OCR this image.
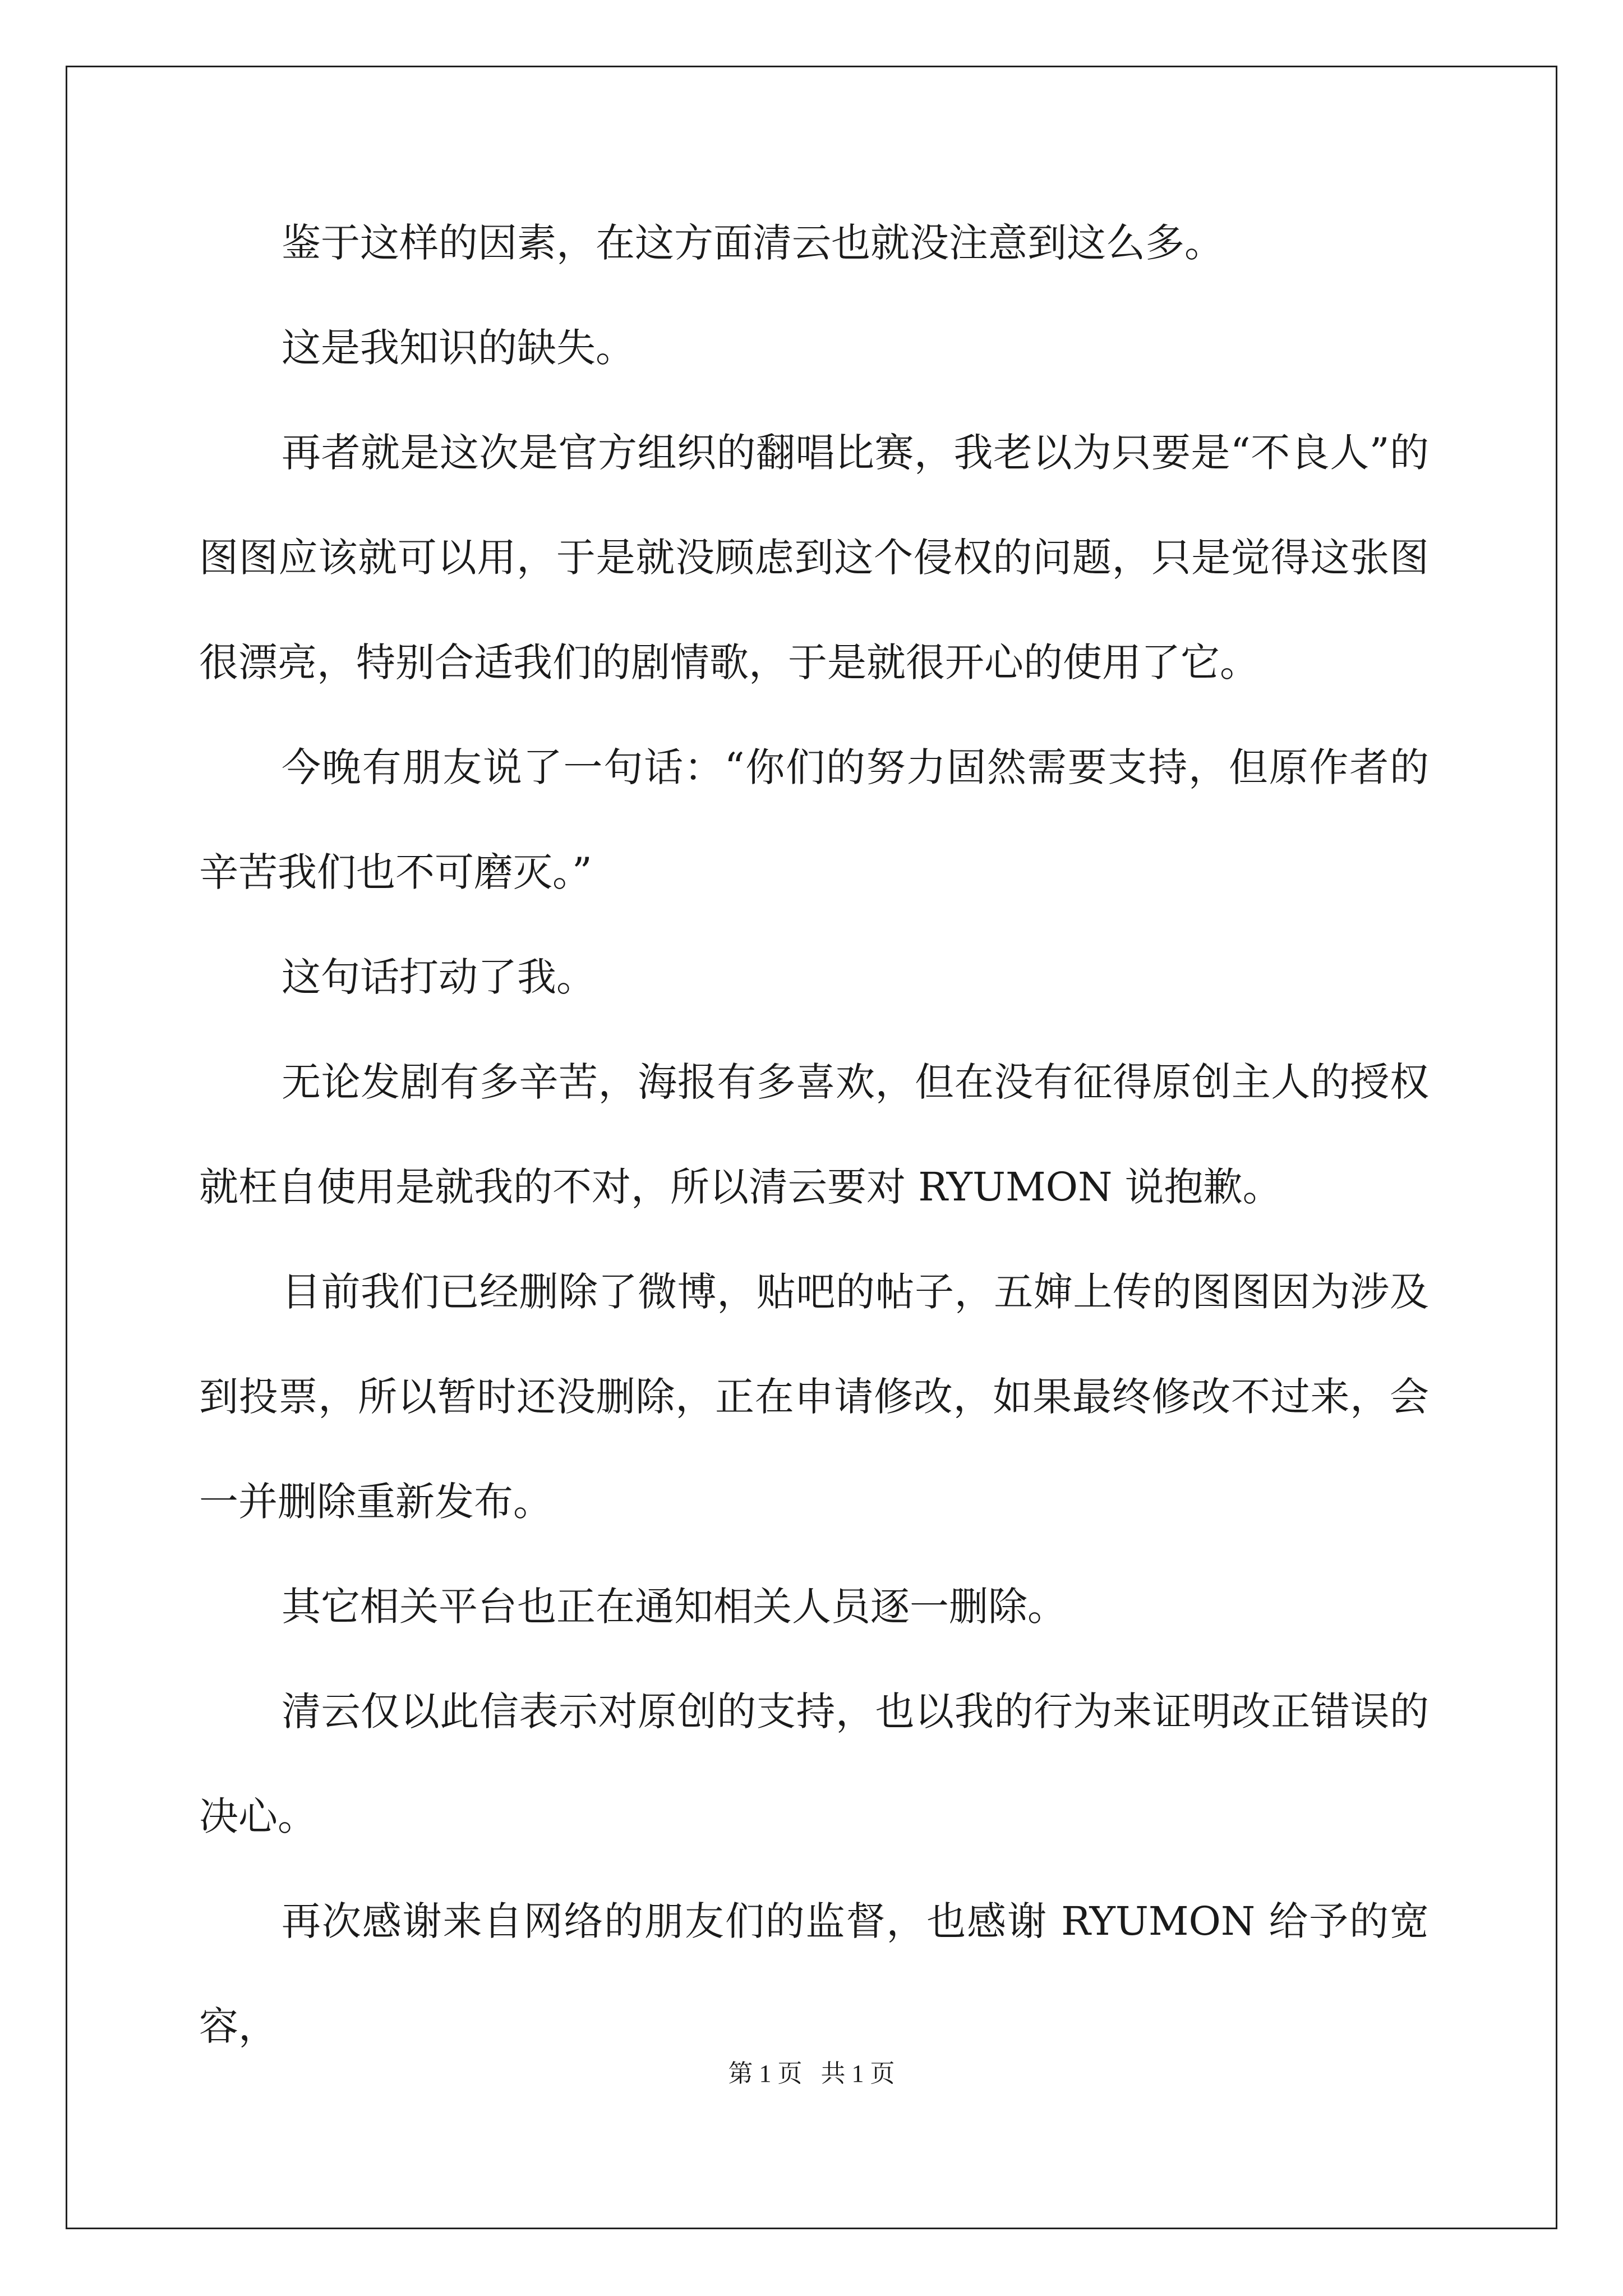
鉴于这样的因素，在这方面清云也就没注意到这么多。

这是我知识的缺失。

再者就是这次是官方组织的翻唱比赛，我老以为只要是“不良人”的图图应该就可以用，于是就没顾虑到这个侵权的问题，只是觉得这张图很漂亮，特别合适我们的剧情歌，于是就很开心的使用了它。

今晚有朋友说了一句话：“你们的努力固然需要支持，但原作者的辛苦我们也不可磨灭。”

这句话打动了我。

无论发剧有多辛苦，海报有多喜欢，但在没有征得原创主人的授权就枉自使用是就我的不对，所以清云要对 RYUMON 说抱歉。

目前我们已经删除了微博，贴吧的帖子，五婶上传的图图因为涉及到投票，所以暂时还没删除，正在申请修改，如果最终修改不过来，会一并删除重新发布。

其它相关平台也正在通知相关人员逐一删除。

清云仅以此信表示对原创的支持，也以我的行为来证明改正错误的决心。

再次感谢来自网络的朋友们的监督，也感谢 RYUMON 给予的宽容，

第 1 页   共 1 页
